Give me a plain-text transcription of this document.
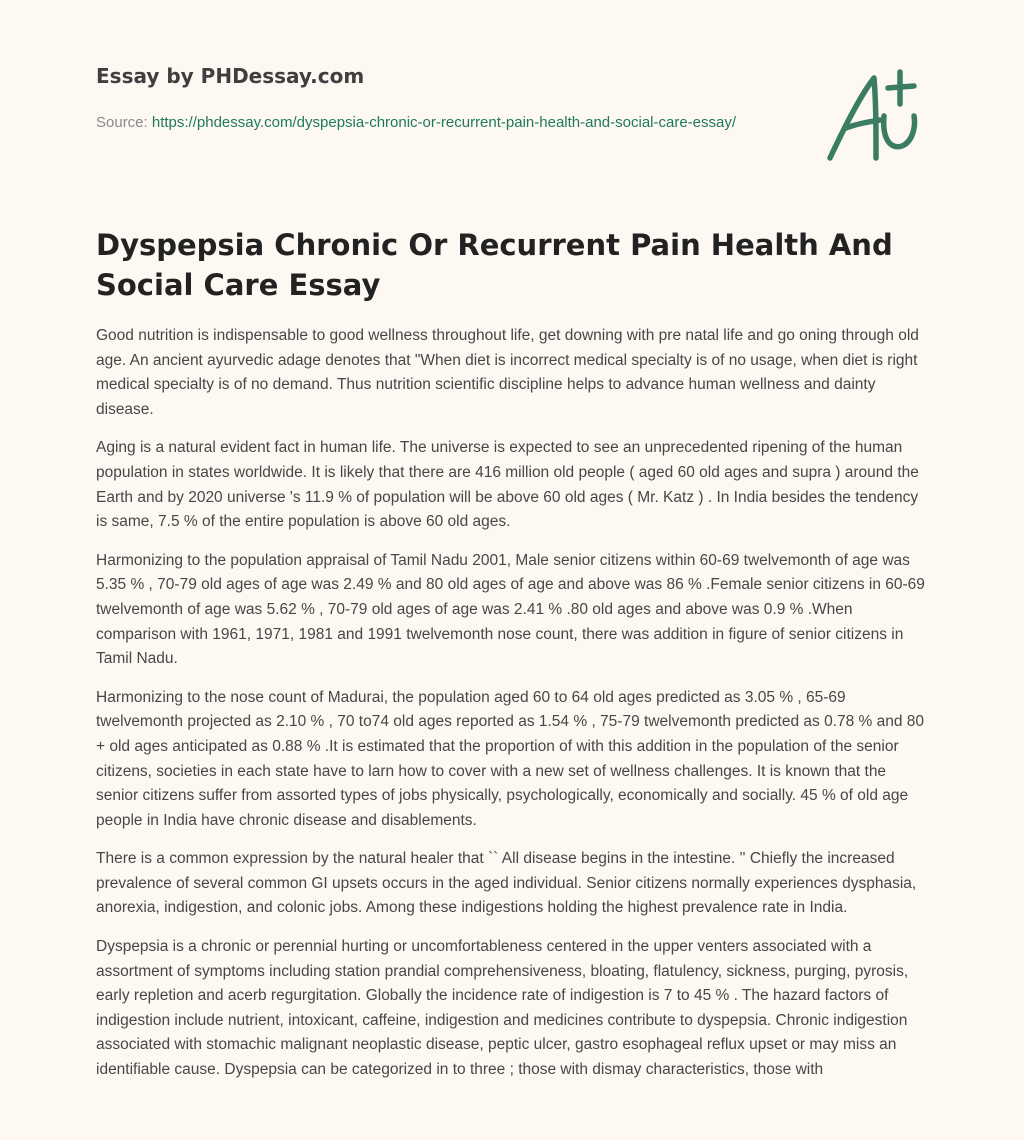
Essay by PHDessay.com
Source: https://phdessay.com/dyspepsia-chronic-or-recurrent-pain-health-and-social-care-essay/
Dyspepsia Chronic Or Recurrent Pain Health And Social Care Essay

Good nutrition is indispensable to good wellness throughout life, get downing with pre natal life and go oning through old age. An ancient ayurvedic adage denotes that "When diet is incorrect medical specialty is of no usage, when diet is right medical specialty is of no demand. Thus nutrition scientific discipline helps to advance human wellness and dainty disease.

Aging is a natural evident fact in human life. The universe is expected to see an unprecedented ripening of the human population in states worldwide. It is likely that there are 416 million old people ( aged 60 old ages and supra ) around the Earth and by 2020 universe 's 11.9 % of population will be above 60 old ages ( Mr. Katz ) . In India besides the tendency is same, 7.5 % of the entire population is above 60 old ages.

Harmonizing to the population appraisal of Tamil Nadu 2001, Male senior citizens within 60-69 twelvemonth of age was 5.35 % , 70-79 old ages of age was 2.49 % and 80 old ages of age and above was 86 % .Female senior citizens in 60-69 twelvemonth of age was 5.62 % , 70-79 old ages of age was 2.41 % .80 old ages and above was 0.9 % .When comparison with 1961, 1971, 1981 and 1991 twelvemonth nose count, there was addition in figure of senior citizens in Tamil Nadu.

Harmonizing to the nose count of Madurai, the population aged 60 to 64 old ages predicted as 3.05 % , 65-69 twelvemonth projected as 2.10 % , 70 to74 old ages reported as 1.54 % , 75-79 twelvemonth predicted as 0.78 % and 80 + old ages anticipated as 0.88 % .It is estimated that the proportion of with this addition in the population of the senior citizens, societies in each state have to larn how to cover with a new set of wellness challenges. It is known that the senior citizens suffer from assorted types of jobs physically, psychologically, economically and socially. 45 % of old age people in India have chronic disease and disablements.

There is a common expression by the natural healer that `` All disease begins in the intestine. '' Chiefly the increased prevalence of several common GI upsets occurs in the aged individual. Senior citizens normally experiences dysphasia, anorexia, indigestion, and colonic jobs. Among these indigestions holding the highest prevalence rate in India.

Dyspepsia is a chronic or perennial hurting or uncomfortableness centered in the upper venters associated with a assortment of symptoms including station prandial comprehensiveness, bloating, flatulency, sickness, purging, pyrosis, early repletion and acerb regurgitation. Globally the incidence rate of indigestion is 7 to 45 % . The hazard factors of indigestion include nutrient, intoxicant, caffeine, indigestion and medicines contribute to dyspepsia. Chronic indigestion associated with stomachic malignant neoplastic disease, peptic ulcer, gastro esophageal reflux upset or may miss an identifiable cause. Dyspepsia can be categorized in to three ; those with dismay characteristics, those with
